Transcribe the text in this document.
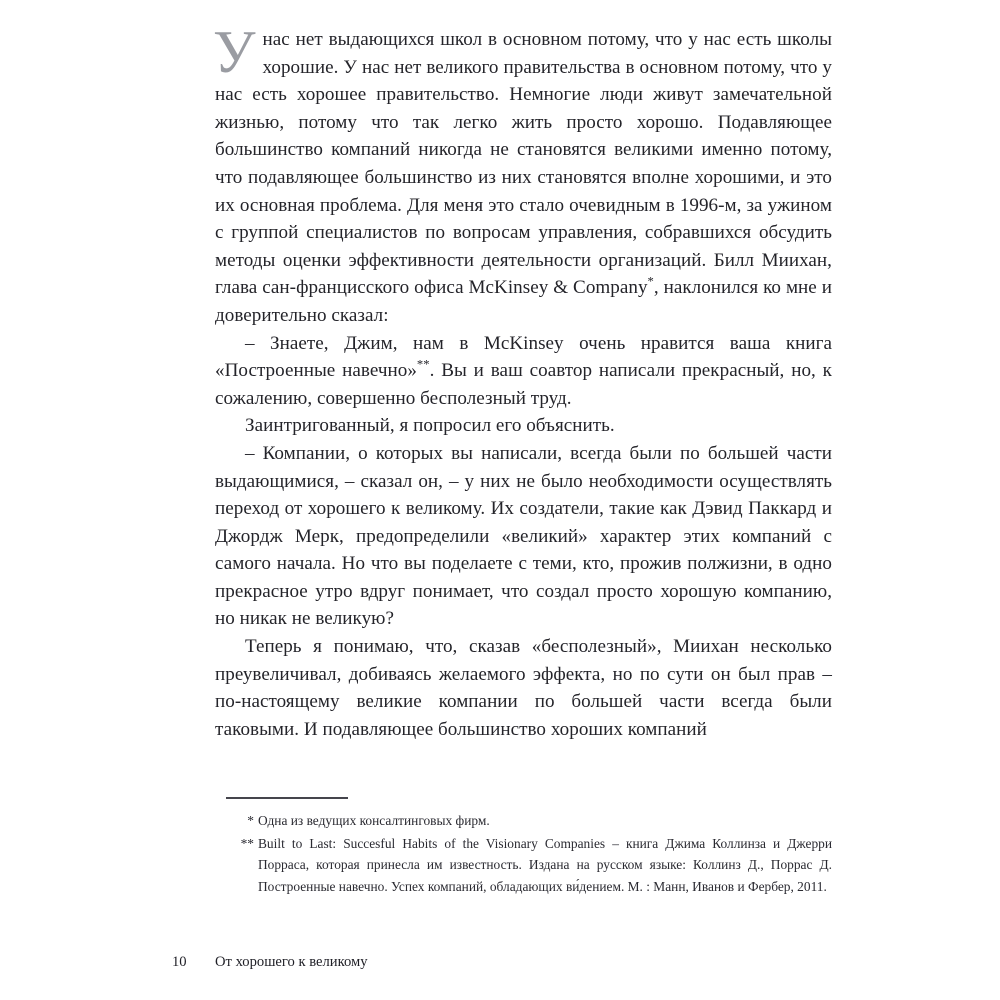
Унас нет выдающихся школ в основном потому, что у нас есть школы хорошие. У нас нет великого правительства в основном потому, что у нас есть хорошее правительство. Немногие люди живут замечательной жизнью, потому что так легко жить просто хорошо. Подавляющее большинство компаний никогда не становятся великими именно потому, что подавляющее большинство из них становятся вполне хорошими, и это их основная проблема. Для меня это стало очевидным в 1996-м, за ужином с группой специалистов по вопросам управления, собравшихся обсудить методы оценки эффективности деятельности организаций. Билл Миихан, глава сан-францисского офиса McKinsey & Company*, наклонился ко мне и доверительно сказал:

– Знаете, Джим, нам в McKinsey очень нравится ваша книга «Построенные навечно»**. Вы и ваш соавтор написали прекрасный, но, к сожалению, совершенно бесполезный труд.

Заинтригованный, я попросил его объяснить.

– Компании, о которых вы написали, всегда были по большей части выдающимися, – сказал он, – у них не было необходимости осуществлять переход от хорошего к великому. Их создатели, такие как Дэвид Паккард и Джордж Мерк, предопределили «великий» характер этих компаний с самого начала. Но что вы поделаете с теми, кто, прожив полжизни, в одно прекрасное утро вдруг понимает, что создал просто хорошую компанию, но никак не великую?

Теперь я понимаю, что, сказав «бесполезный», Миихан несколько преувеличивал, добиваясь желаемого эффекта, но по сути он был прав – по-настоящему великие компании по большей части всегда были таковыми. И подавляющее большинство хороших компаний

* Одна из ведущих консалтинговых фирм.
** Built to Last: Succesful Habits of the Visionary Companies – книга Джима Коллинза и Джерри Порраса, которая принесла им известность. Издана на русском языке: Коллинз Д., Поррас Д. Построенные навечно. Успех компаний, обладающих ви́дением. М. : Манн, Иванов и Фербер, 2011.
10 От хорошего к великому
